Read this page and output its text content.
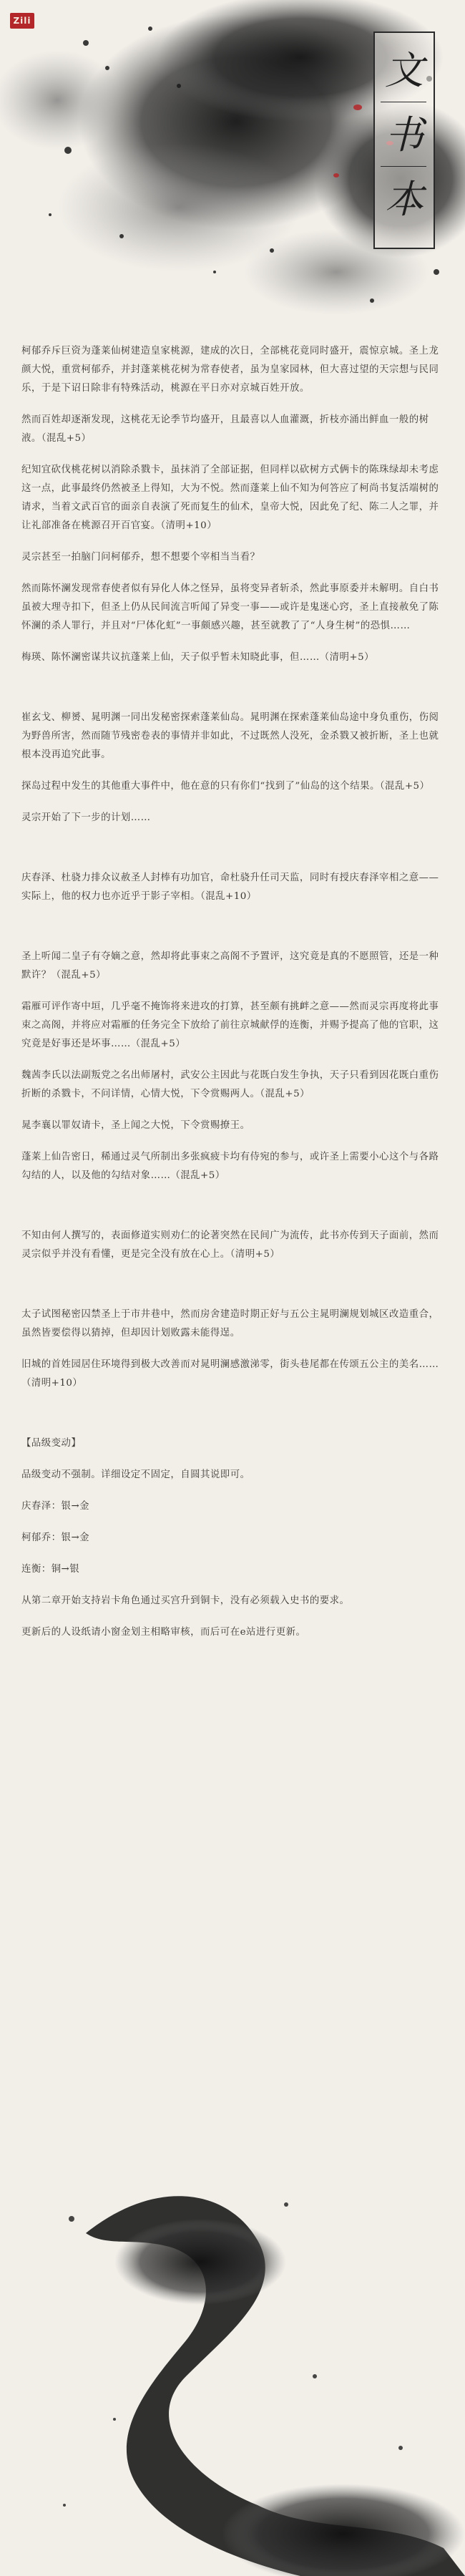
Zili
文
书
本

柯郁乔斥巨资为蓬莱仙树建造皇家桃源，建成的次日，全部桃花竟同时盛开，震惊京城。圣上龙颜大悦，重赏柯郁乔，并封蓬莱桃花树为常春使者，虽为皇家园林，但大喜过望的天宗想与民同乐，于是下诏日除非有特殊活动，桃源在平日亦对京城百姓开放。

然而百姓却逐渐发现，这桃花无论季节均盛开，且最喜以人血灌溉，折枝亦涌出鲜血一般的树液。（混乱+5）

纪知宜砍伐桃花树以消除杀戮卡，虽抹消了全部证据，但同样以砍树方式俩卡的陈珠绿却未考虑这一点，此事最终仍然被圣上得知，大为不悦。然而蓬莱上仙不知为何答应了柯尚书复活端树的请求，当着文武百官的面亲自表演了死而复生的仙术，皇帝大悦，因此免了纪、陈二人之罪，并让礼部准备在桃源召开百官宴。（清明+10）

灵宗甚至一拍脑门问柯郁乔，想不想要个宰相当当看？

然而陈怀澜发现常春使者似有异化人体之怪异，虽将变异者斩杀，然此事原委并未解明。自白书虽被大理寺扣下，但圣上仍从民间流言听闻了异变一事——或许是鬼迷心窍，圣上直接赦免了陈怀澜的杀人罪行，并且对“尸体化虹”一事颇感兴趣，甚至就教了了“人身生树”的恐惧……

梅瑛、陈怀澜密谋共议抗蓬莱上仙，天子似乎暂未知晓此事，但……（清明+5）

崔玄戈、柳赟、晁明渊一同出发秘密探索蓬莱仙岛。晁明渊在探索蓬莱仙岛途中身负重伤，伤阅为野兽所害，然而随节残密卷表的事情并非如此，不过既然人没死，金杀戮又被折断，圣上也就根本没再追究此事。

探岛过程中发生的其他重大事件中，他在意的只有你们“找到了”仙岛的这个结果。（混乱+5）

灵宗开始了下一步的计划……

庆春泽、杜骁力排众议赦圣人封棒有功加官，命杜骁升任司天监，同时有授庆春泽宰相之意——实际上，他的权力也亦近乎于影子宰相。（混乱+10）

圣上听闻二皇子有夺嫡之意，然却将此事束之高阁不予置评，这究竟是真的不愿照管，还是一种默许？（混乱+5）

霜雁可评作寄中垣，几乎毫不掩饰将来进攻的打算，甚至颇有挑衅之意——然而灵宗再度将此事束之高阁，并将应对霜雁的任务完全下放给了前往京城献俘的连衡，并赐予提高了他的官职，这究竟是好事还是坏事……（混乱+5）

魏茜李氏以法副叛党之名出师屠村，武安公主因此与花既白发生争执，天子只看到因花既白重伤折断的杀戮卡，不问详情，心情大悦，下令赏赐两人。（混乱+5）

晁李襄以罪奴请卡，圣上闻之大悦，下令赏赐撩王。

蓬莱上仙告密日，稀通过灵气所制出多张疯疲卡均有侍宛的参与，或许圣上需要小心这个与各路勾结的人，以及他的勾结对象……（混乱+5）

不知由何人撰写的，表面修道实则劝仁的论著突然在民间广为流传，此书亦传到天子面前，然而灵宗似乎并没有看懂，更是完全没有放在心上。（清明+5）

太子试图秘密囚禁圣上于市井巷中，然而房舍建造时期正好与五公主晁明澜规划城区改造重合，虽然皆要偿得以猜掉，但却因计划败露未能得逞。

旧城的首姓园居住环境得到极大改善而对晁明澜感激涕零，街头巷尾都在传颂五公主的美名……（清明+10）

【品级变动】

品级变动不强制。详细设定不固定，自圆其说即可。

庆春泽：银→金

柯郁乔：银→金

连衡：铜→银

从第二章开始支持岩卡角色通过买宫升到铜卡，没有必须载入史书的要求。

更新后的人设纸请小窗金划主相略审核，而后可在e站进行更新。
